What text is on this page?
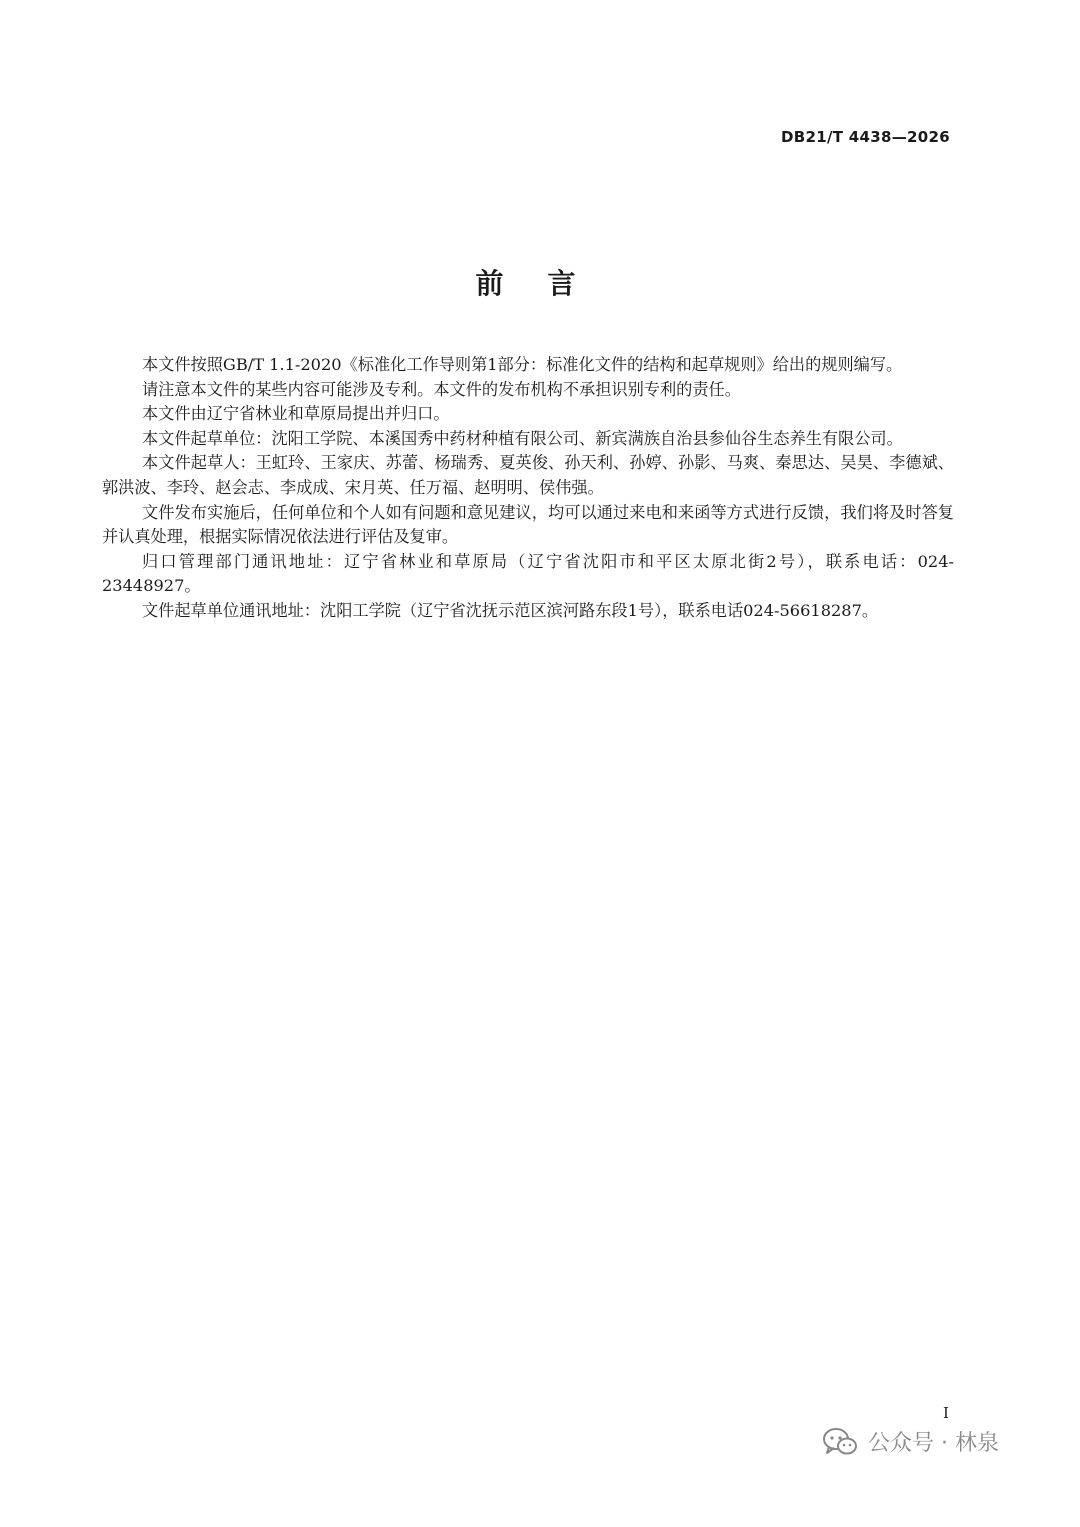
DB21/T 4438—2026
前言

本文件按照GB/T 1.1-2020《标准化工作导则第1部分：标准化文件的结构和起草规则》给出的规则编写。

请注意本文件的某些内容可能涉及专利。本文件的发布机构不承担识别专利的责任。

本文件由辽宁省林业和草原局提出并归口。

本文件起草单位：沈阳工学院、本溪国秀中药材种植有限公司、新宾满族自治县参仙谷生态养生有限公司。

本文件起草人：王虹玲、王家庆、苏蕾、杨瑞秀、夏英俊、孙天利、孙婷、孙影、马爽、秦思达、吴昊、李德斌、郭洪波、李玲、赵会志、李成成、宋月英、任万福、赵明明、侯伟强。

文件发布实施后，任何单位和个人如有问题和意见建议，均可以通过来电和来函等方式进行反馈，我们将及时答复并认真处理，根据实际情况依法进行评估及复审。

归口管理部门通讯地址：辽宁省林业和草原局（辽宁省沈阳市和平区太原北街2号），联系电话：024-23448927。

文件起草单位通讯地址：沈阳工学院（辽宁省沈抚示范区滨河路东段1号），联系电话024-56618287。

I
公众号 · 林泉
